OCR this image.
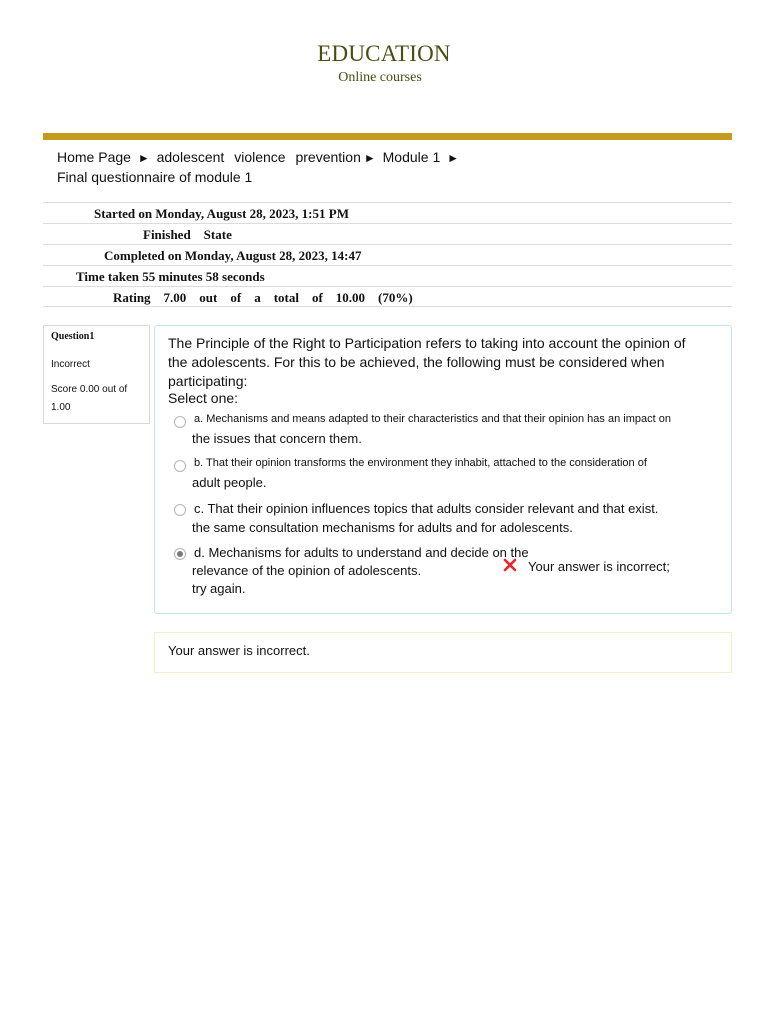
EDUCATION
Online courses
Home Page ► adolescent violence prevention ► Module 1 ►
Final questionnaire of module 1
Started on Monday, August 28, 2023, 1:51 PM
Finished    State
Completed on Monday, August 28, 2023, 14:47
Time taken 55 minutes 58 seconds
Rating    7.00    out    of    a    total    of    10.00    (70%)
Question1
Incorrect
Score 0.00 out of 1.00
The Principle of the Right to Participation refers to taking into account the opinion of
the adolescents. For this to be achieved, the following must be considered when participating:
Select one:
a. Mechanisms and means adapted to their characteristics and that their opinion has an impact on
the issues that concern them.
b. That their opinion transforms the environment they inhabit, attached to the consideration of
adult people.
c. That their opinion influences topics that adults consider relevant and that exist.
the same consultation mechanisms for adults and for adolescents.
d. Mechanisms for adults to understand and decide on the
relevance of the opinion of adolescents.
try again.
Your answer is incorrect;
Your answer is incorrect.
